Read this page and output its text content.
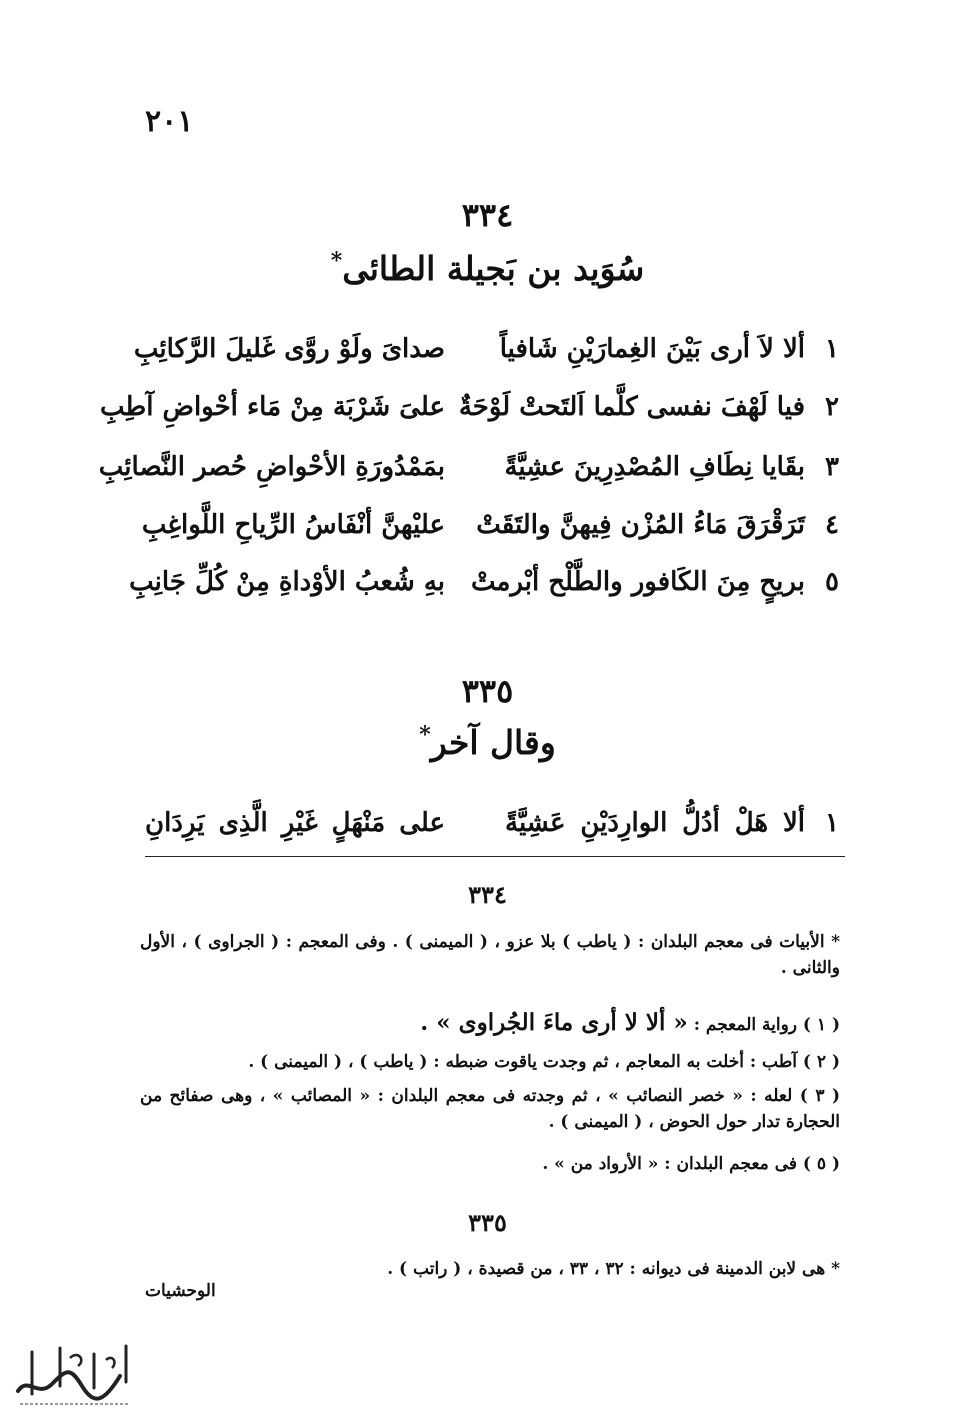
٢٠١
٣٣٤
سُوَيد بن بَجيلة الطائى*
١
ألا لاَ أرى بَيْنَ الغِمارَيْنِ شَافياً
صداىَ ولَوْ روَّى غَليلَ الرَّكائِبِ
٢
فيا لَهْفَ نفسى كلَّما اَلتَحتْ لَوْحَةٌ
علىَ شَرْبَة مِنْ مَاء أحْواضِ آطِبِ
٣
بقَايا نِطَافِ المُصْدِرِينَ عشِيَّةً
بمَمْدُورَةِ الأحْواضِ حُصر النَّصائِبِ
٤
تَرَقْرَقَ مَاءُ المُزْن فِيهنَّ والتَقَتْ
عليْهنَّ أنْفَاسُ الرِّياحِ اللَّواغِبِ
٥
بريحٍ مِنَ الكَافور والطَّلْح أبْرمتْ
بهِ شُعبُ الأوْداةِ مِنْ كُلِّ جَانِبِ
٣٣٥
وقال آخر*
١
ألا هَلْ أدُلُّ الوارِدَيْنِ عَشِيَّةً
على مَنْهَلٍ غَيْرِ الَّذِى يَرِدَانِ
٣٣٤
* الأبيات فى معجم البلدان : ( ياطب ) بلا عزو ، ( الميمنى ) . وفى المعجم : ( الجراوى ) ، الأول والثانى .
( ١ ) رواية المعجم : « ألا لا أرى ماءَ الجُراوى » .
( ٢ ) آطب : أخلت به المعاجم ، ثم وجدت ياقوت ضبطه : ( ياطب ) ، ( الميمنى ) .
( ٣ ) لعله : « خصر النصائب » ، ثم وجدته فى معجم البلدان : « المصائب » ، وهى صفائح من الحجارة تدار حول الحوض ، ( الميمنى ) .
( ٥ ) فى معجم البلدان : « الأرواد من » .
٣٣٥
* هى لابن الدمينة فى ديوانه : ٣٢ ، ٣٣ ، من قصيدة ، ( راتب ) .
الوحشيات
